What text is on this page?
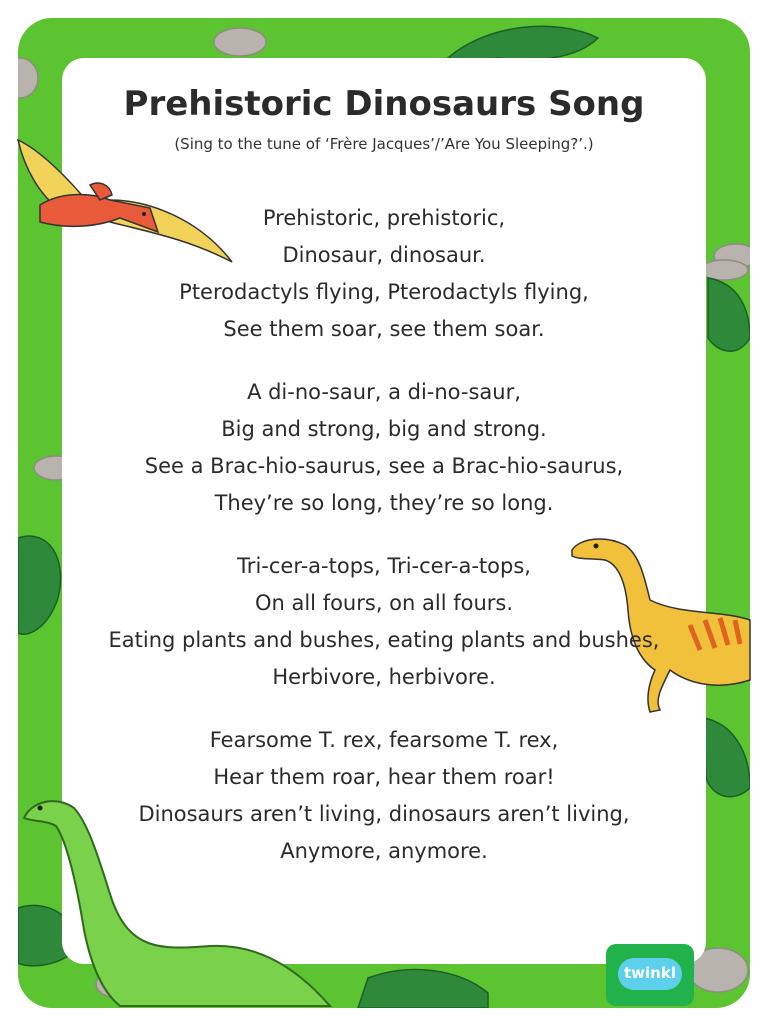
Prehistoric Dinosaurs Song

(Sing to the tune of ‘Frère Jacques’/’Are You Sleeping?’.)

Prehistoric, prehistoric,
Dinosaur, dinosaur.
Pterodactyls flying, Pterodactyls flying,
See them soar, see them soar.
A di-no-saur, a di-no-saur,
Big and strong, big and strong.
See a Brac-hio-saurus, see a Brac-hio-saurus,
They’re so long, they’re so long.
Tri-cer-a-tops, Tri-cer-a-tops,
On all fours, on all fours.
Eating plants and bushes, eating plants and bushes,
Herbivore, herbivore.
Fearsome T. rex, fearsome T. rex,
Hear them roar, hear them roar!
Dinosaurs aren’t living, dinosaurs aren’t living,
Anymore, anymore.
twinkl
